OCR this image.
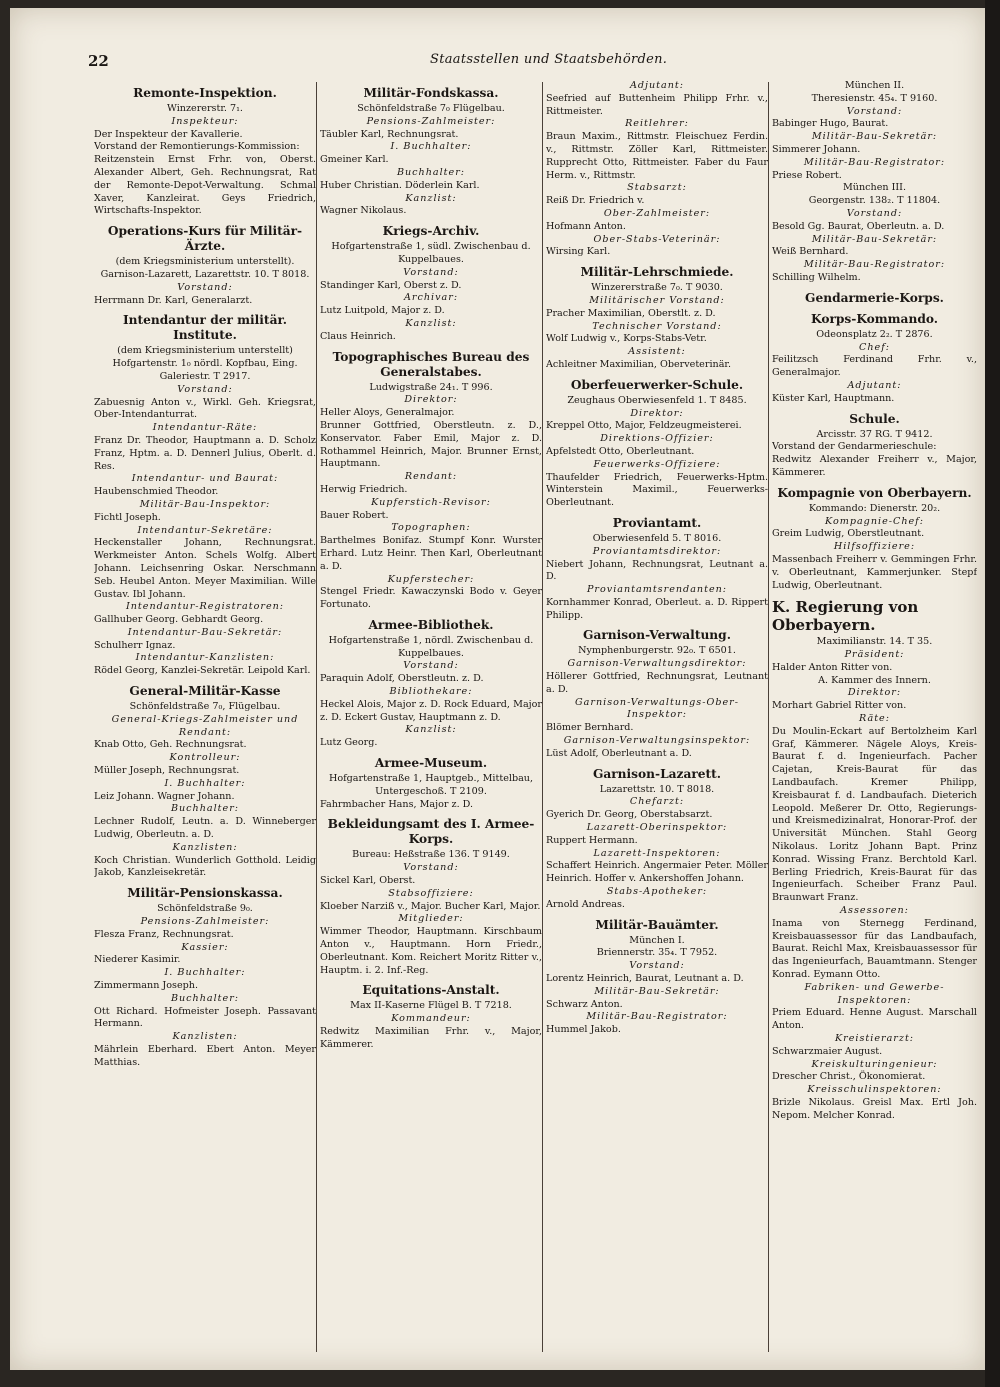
22	Staatsstellen und Staatsbehörden.
Remonte-Inspektion.
Winzererstr. 7₁.
Inspekteur:
Der Inspekteur der Kavallerie.
Vorstand der Remontierungs-Kommission:
Reitzenstein Ernst Frhr. von, Oberst. Alexander Albert, Geh. Rechnungsrat, Rat der Remonte-Depot-Verwaltung. Schmal Xaver, Kanzleirat. Geys Friedrich, Wirtschafts-Inspektor.
Operations-Kurs für Militär-Ärzte.
(dem Kriegsministerium unterstellt).
Garnison-Lazarett, Lazarettstr. 10. T 8018.
Vorstand:
Herrmann Dr. Karl, Generalarzt.
Intendantur der militär. Institute.
(dem Kriegsministerium unterstellt)
Hofgartenstr. 1₀ nördl. Kopfbau, Eing. Galeriestr. T 2917.
Vorstand:
Zabuesnig Anton v., Wirkl. Geh. Kriegsrat, Ober-Intendanturrat.
Intendantur-Räte:
Franz Dr. Theodor, Hauptmann a. D. Scholz Franz, Hptm. a. D. Dennerl Julius, Oberlt. d. Res.
Intendantur- und Baurat:
Haubenschmied Theodor.
Militär-Bau-Inspektor:
Fichtl Joseph.
Intendantur-Sekretäre:
Heckenstaller Johann, Rechnungsrat. Werkmeister Anton. Schels Wolfg. Albert Johann. Leichsenring Oskar. Nerschmann Seb. Heubel Anton. Meyer Maximilian. Wille Gustav. Ibl Johann.
Intendantur-Registratoren:
Gallhuber Georg. Gebhardt Georg.
Intendantur-Bau-Sekretär:
Schulherr Ignaz.
Intendantur-Kanzlisten:
Rödel Georg, Kanzlei-Sekretär. Leipold Karl.
General-Militär-Kasse
Schönfeldstraße 7₀, Flügelbau.
General-Kriegs-Zahlmeister und Rendant:
Knab Otto, Geh. Rechnungsrat.
Kontrolleur:
Müller Joseph, Rechnungsrat.
I. Buchhalter:
Leiz Johann. Wagner Johann.
Buchhalter:
Lechner Rudolf, Leutn. a. D. Winneberger Ludwig, Oberleutn. a. D.
Kanzlisten:
Koch Christian. Wunderlich Gotthold. Leidig Jakob, Kanzleisekretär.
Militär-Pensionskassa.
Schönfeldstraße 9₀.
Pensions-Zahlmeister:
Flesza Franz, Rechnungsrat.
Kassier:
Niederer Kasimir.
I. Buchhalter:
Zimmermann Joseph.
Buchhalter:
Ott Richard. Hofmeister Joseph. Passavant Hermann.
Kanzlisten:
Mährlein Eberhard. Ebert Anton. Meyer Matthias.
Militär-Fondskassa.
Schönfeldstraße 7₀ Flügelbau.
Pensions-Zahlmeister:
Täubler Karl, Rechnungsrat.
I. Buchhalter:
Gmeiner Karl.
Buchhalter:
Huber Christian. Döderlein Karl.
Kanzlist:
Wagner Nikolaus.
Kriegs-Archiv.
Hofgartenstraße 1, südl. Zwischenbau d. Kuppelbaues.
Vorstand:
Standinger Karl, Oberst z. D.
Archivar:
Lutz Luitpold, Major z. D.
Kanzlist:
Claus Heinrich.
Topographisches Bureau des Generalstabes.
Ludwigstraße 24₁. T 996.
Direktor:
Heller Aloys, Generalmajor.
Brunner Gottfried, Oberstleutn. z. D., Konservator. Faber Emil, Major z. D. Rothammel Heinrich, Major. Brunner Ernst, Hauptmann.
Rendant:
Herwig Friedrich.
Kupferstich-Revisor:
Bauer Robert.
Topographen:
Barthelmes Bonifaz. Stumpf Konr. Wurster Erhard. Lutz Heinr. Then Karl, Oberleutnant a. D.
Kupferstecher:
Stengel Friedr. Kawaczynski Bodo v. Geyer Fortunato.
Armee-Bibliothek.
Hofgartenstraße 1, nördl. Zwischenbau d. Kuppelbaues.
Vorstand:
Paraquin Adolf, Oberstleutn. z. D.
Bibliothekare:
Heckel Alois, Major z. D. Rock Eduard, Major z. D. Eckert Gustav, Hauptmann z. D.
Kanzlist:
Lutz Georg.
Armee-Museum.
Hofgartenstraße 1, Hauptgeb., Mittelbau, Untergeschoß. T 2109.
Fahrmbacher Hans, Major z. D.
Bekleidungsamt des I. Armee-Korps.
Bureau: Heßstraße 136. T 9149.
Vorstand:
Sickel Karl, Oberst.
Stabsoffiziere:
Kloeber Narziß v., Major. Bucher Karl, Major.
Mitglieder:
Wimmer Theodor, Hauptmann. Kirschbaum Anton v., Hauptmann. Horn Friedr., Oberleutnant. Kom. Reichert Moritz Ritter v., Hauptm. i. 2. Inf.-Reg.
Equitations-Anstalt.
Max II-Kaserne Flügel B. T 7218.
Kommandeur:
Redwitz Maximilian Frhr. v., Major, Kämmerer.
Adjutant:
Seefried auf Buttenheim Philipp Frhr. v., Rittmeister.
Reitlehrer:
Braun Maxim., Rittmstr. Fleischuez Ferdin. v., Rittmstr. Zöller Karl, Rittmeister. Rupprecht Otto, Rittmeister. Faber du Faur Herm. v., Rittmstr.
Stabsarzt:
Reiß Dr. Friedrich v.
Ober-Zahlmeister:
Hofmann Anton.
Ober-Stabs-Veterinär:
Wirsing Karl.
Militär-Lehrschmiede.
Winzererstraße 7₀. T 9030.
Militärischer Vorstand:
Pracher Maximilian, Oberstlt. z. D.
Technischer Vorstand:
Wolf Ludwig v., Korps-Stabs-Vetr.
Assistent:
Achleitner Maximilian, Oberveterinär.
Oberfeuerwerker-Schule.
Zeughaus Oberwiesenfeld 1. T 8485.
Direktor:
Kreppel Otto, Major, Feldzeugmeisterei.
Direktions-Offizier:
Apfelstedt Otto, Oberleutnant.
Feuerwerks-Offiziere:
Thaufelder Friedrich, Feuerwerks-Hptm. Winterstein Maximil., Feuerwerks-Oberleutnant.
Proviantamt.
Oberwiesenfeld 5. T 8016.
Proviantamtsdirektor:
Niebert Johann, Rechnungsrat, Leutnant a. D.
Proviantamtsrendanten:
Kornhammer Konrad, Oberleut. a. D. Rippert Philipp.
Garnison-Verwaltung.
Nymphenburgerstr. 92₀. T 6501.
Garnison-Verwaltungsdirektor:
Höllerer Gottfried, Rechnungsrat, Leutnant a. D.
Garnison-Verwaltungs-Ober-Inspektor:
Blömer Bernhard.
Garnison-Verwaltungsinspektor:
Lüst Adolf, Oberleutnant a. D.
Garnison-Lazarett.
Lazarettstr. 10. T 8018.
Chefarzt:
Gyerich Dr. Georg, Oberstabsarzt.
Lazarett-Oberinspektor:
Ruppert Hermann.
Lazarett-Inspektoren:
Schaffert Heinrich. Angermaier Peter. Möller Heinrich. Hoffer v. Ankershoffen Johann.
Stabs-Apotheker:
Arnold Andreas.
Militär-Bauämter.
München I.
Briennerstr. 35₄. T 7952.
Vorstand:
Lorentz Heinrich, Baurat, Leutnant a. D.
Militär-Bau-Sekretär:
Schwarz Anton.
Militär-Bau-Registrator:
Hummel Jakob.
München II.
Theresienstr. 45₄. T 9160.
Vorstand:
Babinger Hugo, Baurat.
Militär-Bau-Sekretär:
Simmerer Johann.
Militär-Bau-Registrator:
Priese Robert.
München III.
Georgenstr. 138₂. T 11804.
Vorstand:
Besold Gg. Baurat, Oberleutn. a. D.
Militär-Bau-Sekretär:
Weiß Bernhard.
Militär-Bau-Registrator:
Schilling Wilhelm.
Gendarmerie-Korps.
Korps-Kommando.
Odeonsplatz 2₂. T 2876.
Chef:
Feilitzsch Ferdinand Frhr. v., Generalmajor.
Adjutant:
Küster Karl, Hauptmann.
Schule.
Arcisstr. 37 RG. T 9412.
Vorstand der Gendarmerieschule:
Redwitz Alexander Freiherr v., Major, Kämmerer.
Kompagnie von Oberbayern.
Kommando: Dienerstr. 20₂.
Kompagnie-Chef:
Greim Ludwig, Oberstleutnant.
Hilfsoffiziere:
Massenbach Freiherr v. Gemmingen Frhr. v. Oberleutnant, Kammerjunker. Stepf Ludwig, Oberleutnant.
K. Regierung von Oberbayern.
Maximilianstr. 14. T 35.
Präsident:
Halder Anton Ritter von.
A. Kammer des Innern.
Direktor:
Morhart Gabriel Ritter von.
Räte:
Du Moulin-Eckart auf Bertolzheim Karl Graf, Kämmerer. Nägele Aloys, Kreis-Baurat f. d. Ingenieurfach. Pacher Cajetan, Kreis-Baurat für das Landbaufach. Kremer Philipp, Kreisbaurat f. d. Landbaufach. Dieterich Leopold. Meßerer Dr. Otto, Regierungs- und Kreismedizinalrat, Honorar-Prof. der Universität München. Stahl Georg Nikolaus. Loritz Johann Bapt. Prinz Konrad. Wissing Franz. Berchtold Karl. Berling Friedrich, Kreis-Baurat für das Ingenieurfach. Scheiber Franz Paul. Braunwart Franz.
Assessoren:
Inama von Sternegg Ferdinand, Kreisbauassessor für das Landbaufach, Baurat. Reichl Max, Kreisbauassessor für das Ingenieurfach, Bauamtmann. Stenger Konrad. Eymann Otto.
Fabriken- und Gewerbe-Inspektoren:
Priem Eduard. Henne August. Marschall Anton.
Kreistierarzt:
Schwarzmaier August.
Kreiskulturingenieur:
Drescher Christ., Ökonomierat.
Kreisschulinspektoren:
Brizle Nikolaus. Greisl Max. Ertl Joh. Nepom. Melcher Konrad.
